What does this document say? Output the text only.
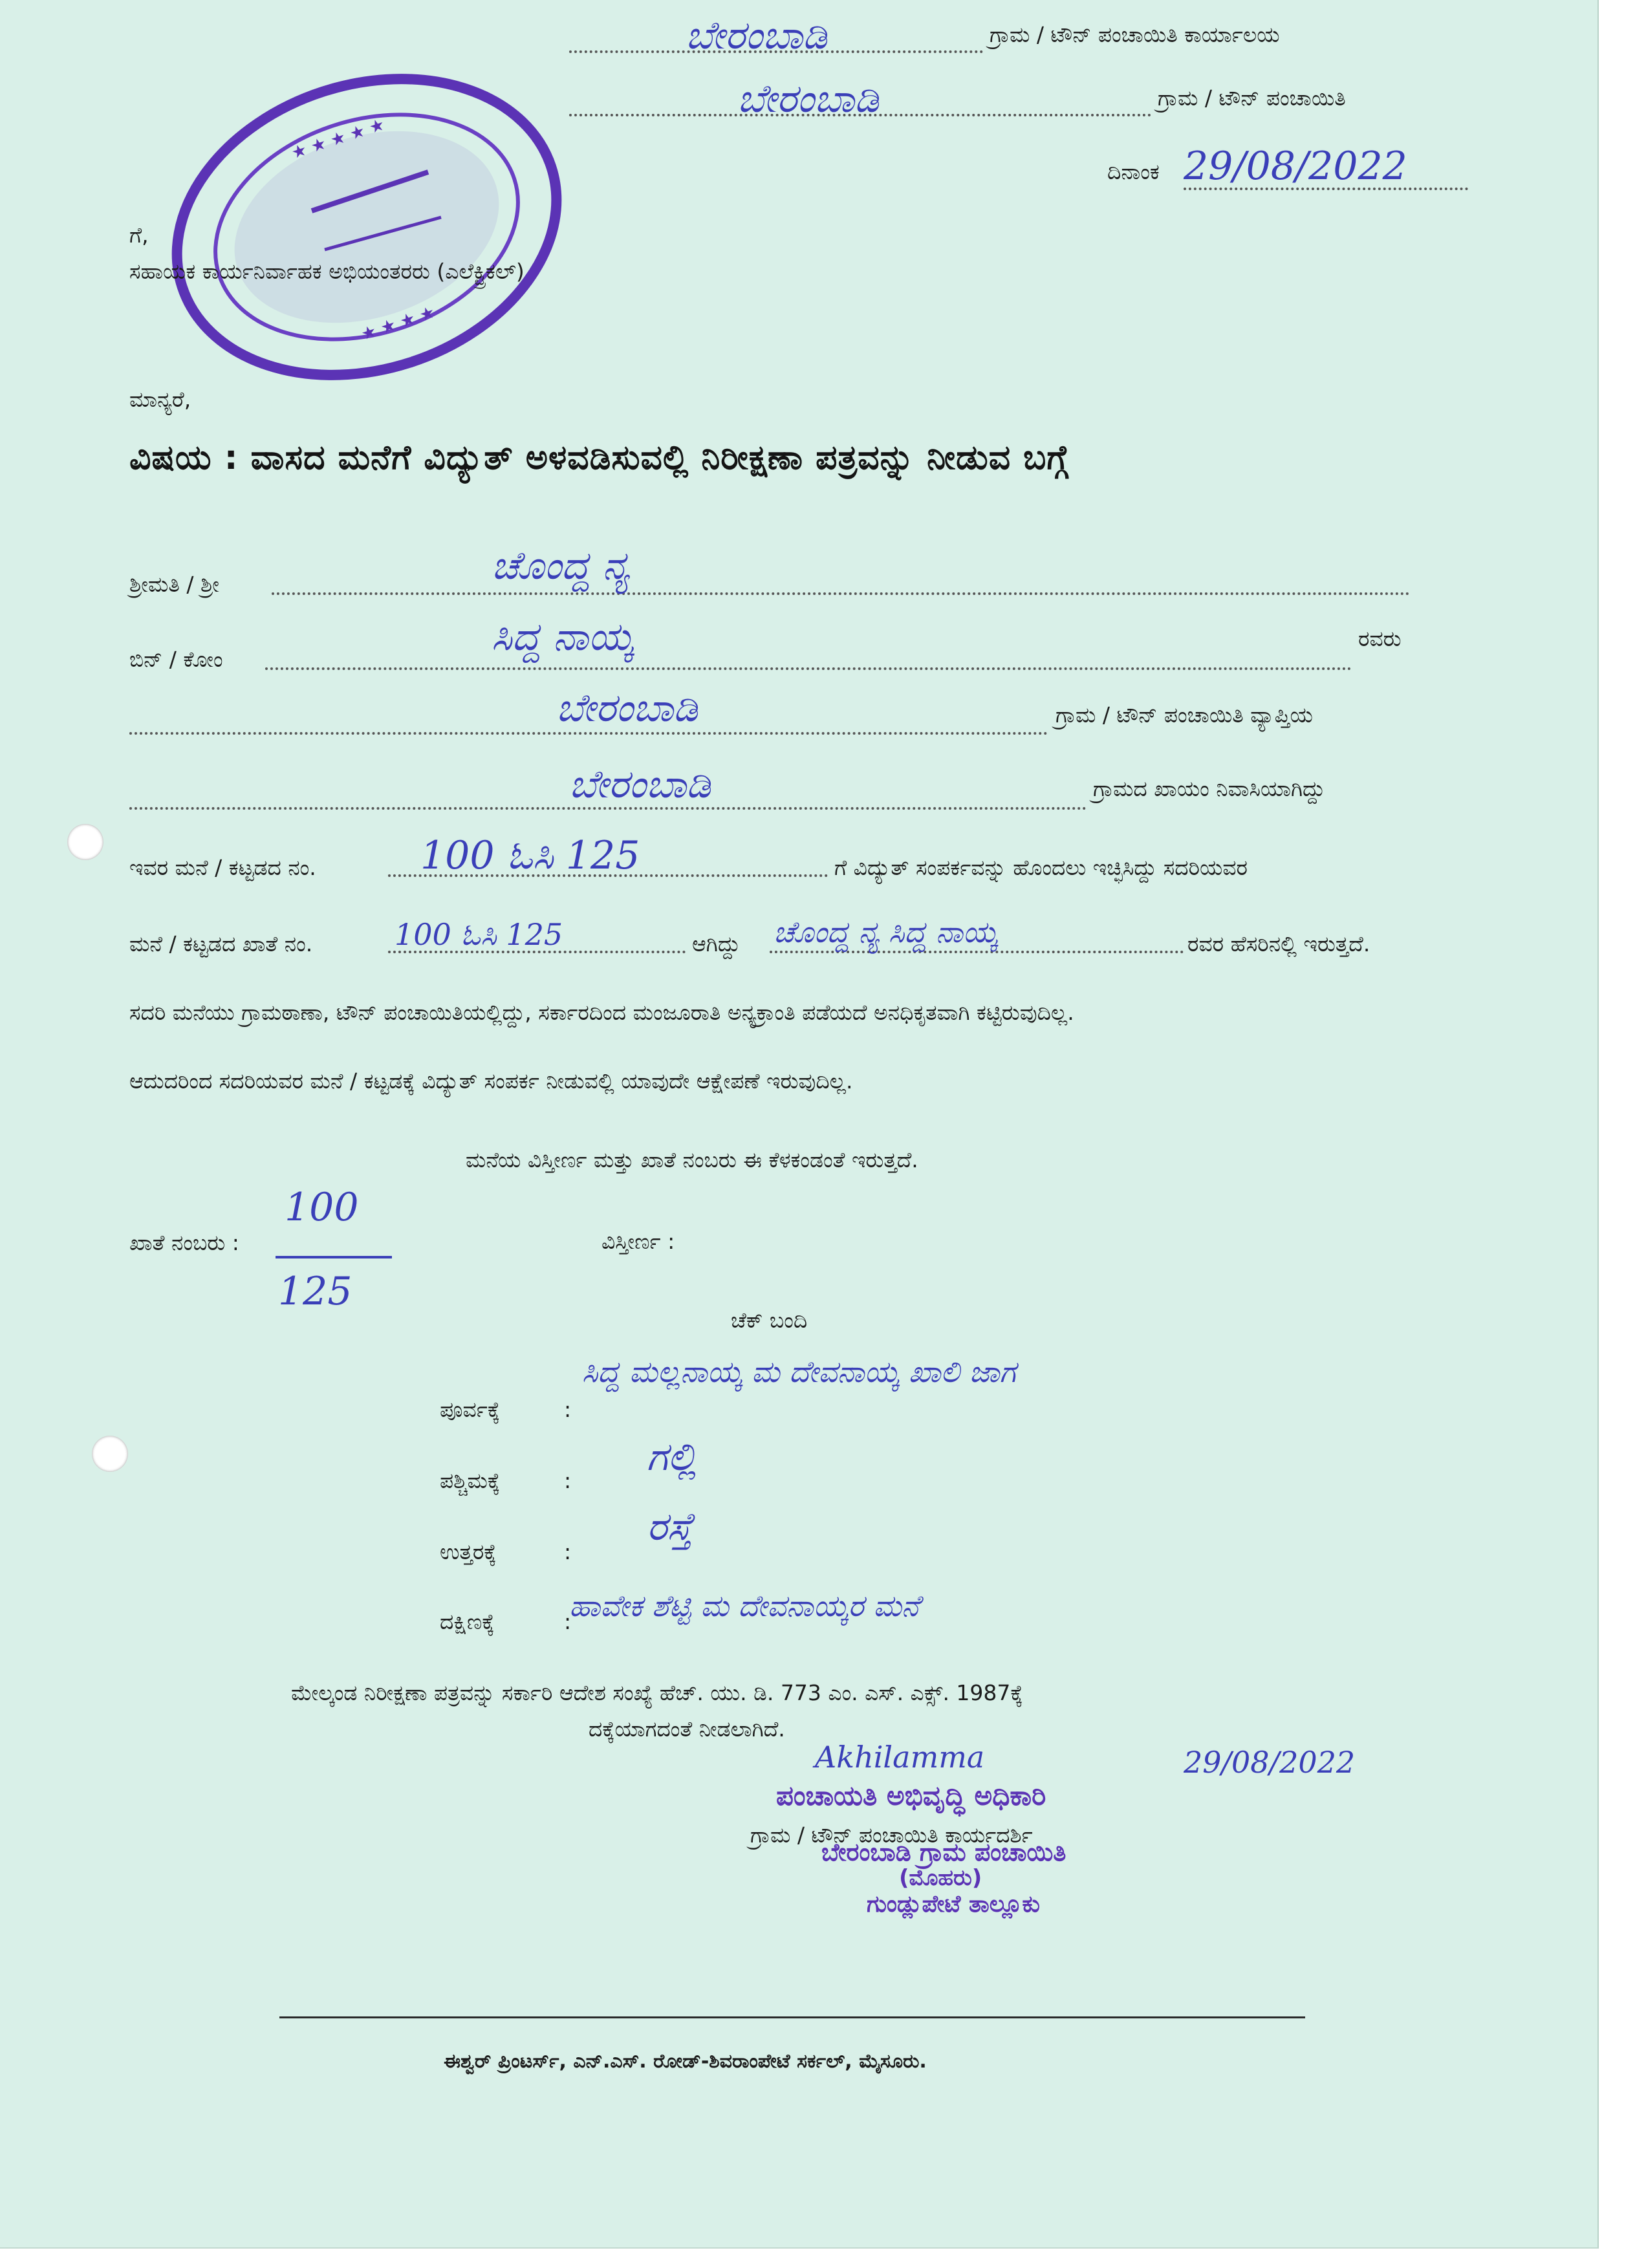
★ ★ ★ ★ ★
★ ★ ★ ★
ಬೇರಂಬಾಡಿ	ಗ್ರಾಮ / ಟೌನ್ ಪಂಚಾಯಿತಿ ಕಾರ್ಯಾಲಯ
ಬೇರಂಬಾಡಿ	ಗ್ರಾಮ / ಟೌನ್ ಪಂಚಾಯಿತಿ
ದಿನಾಂಕ 29/08/2022
ಗೆ,
ಸಹಾಯಕ ಕಾರ್ಯನಿರ್ವಾಹಕ ಅಭಿಯಂತರರು (ಎಲೆಕ್ಟ್ರಿಕಲ್)
ಮಾನ್ಯರೆ,
ವಿಷಯ : ವಾಸದ ಮನೆಗೆ ವಿದ್ಯುತ್ ಅಳವಡಿಸುವಲ್ಲಿ ನಿರೀಕ್ಷಣಾ ಪತ್ರವನ್ನು ನೀಡುವ ಬಗ್ಗೆ
ಶ್ರೀಮತಿ / ಶ್ರೀ	ಚೊಂದ್ದ ನ್ಯ
ಬಿನ್ / ಕೋಂ	ಸಿದ್ದ ನಾಯ್ಕ	ರವರು
ಬೇರಂಬಾಡಿ	ಗ್ರಾಮ / ಟೌನ್ ಪಂಚಾಯಿತಿ ವ್ಯಾಪ್ತಿಯ
ಬೇರಂಬಾಡಿ	ಗ್ರಾಮದ ಖಾಯಂ ನಿವಾಸಿಯಾಗಿದ್ದು
ಇವರ ಮನೆ / ಕಟ್ಟಡದ ನಂ.	100 ಓಸಿ 125	ಗೆ ವಿದ್ಯುತ್ ಸಂಪರ್ಕವನ್ನು ಹೊಂದಲು ಇಚ್ಛಿಸಿದ್ದು ಸದರಿಯವರ
ಮನೆ / ಕಟ್ಟಡದ ಖಾತೆ ನಂ.	100 ಓಸಿ 125	ಆಗಿದ್ದು ಚೊಂದ್ದ ನ್ಯ ಸಿದ್ದ ನಾಯ್ಕ	ರವರ ಹೆಸರಿನಲ್ಲಿ ಇರುತ್ತದೆ.
ಸದರಿ ಮನೆಯು ಗ್ರಾಮಠಾಣಾ, ಟೌನ್ ಪಂಚಾಯಿತಿಯಲ್ಲಿದ್ದು, ಸರ್ಕಾರದಿಂದ ಮಂಜೂರಾತಿ ಅನ್ಯಕ್ರಾಂತಿ ಪಡೆಯದೆ ಅನಧಿಕೃತವಾಗಿ ಕಟ್ಟಿರುವುದಿಲ್ಲ.
ಆದುದರಿಂದ ಸದರಿಯವರ ಮನೆ / ಕಟ್ಟಡಕ್ಕೆ ವಿದ್ಯುತ್ ಸಂಪರ್ಕ ನೀಡುವಲ್ಲಿ ಯಾವುದೇ ಆಕ್ಷೇಪಣೆ ಇರುವುದಿಲ್ಲ.
ಮನೆಯ ವಿಸ್ತೀರ್ಣ ಮತ್ತು ಖಾತೆ ನಂಬರು ಈ ಕೆಳಕಂಡಂತೆ ಇರುತ್ತದೆ.
ಖಾತೆ ನಂಬರು :
100
125
ವಿಸ್ತೀರ್ಣ :
ಚೆಕ್ ಬಂದಿ
ಪೂರ್ವಕ್ಕೆ	:
ಸಿದ್ದ ಮಲ್ಲನಾಯ್ಕ ಮ ದೇವನಾಯ್ಕ ಖಾಲಿ ಜಾಗ
ಪಶ್ಚಿಮಕ್ಕೆ	:
ಗಲ್ಲಿ
ಉತ್ತರಕ್ಕೆ	:
ರಸ್ತೆ
ದಕ್ಷಿಣಕ್ಕೆ	:
ಹಾವೇಕ ಶೆಟ್ಟಿ ಮ ದೇವನಾಯ್ಕರ ಮನೆ
ಮೇಲ್ಕಂಡ ನಿರೀಕ್ಷಣಾ ಪತ್ರವನ್ನು ಸರ್ಕಾರಿ ಆದೇಶ ಸಂಖ್ಯೆ ಹೆಚ್. ಯು. ಡಿ. 773 ಎಂ. ಎಸ್. ಎಕ್ಸ್. 1987ಕ್ಕೆ
ದಕ್ಕೆಯಾಗದಂತೆ ನೀಡಲಾಗಿದೆ.
Akhilamma	29/08/2022
ಪಂಚಾಯತಿ ಅಭಿವೃದ್ಧಿ ಅಧಿಕಾರಿ
ಗ್ರಾಮ / ಟೌನ್ ಪಂಚಾಯಿತಿ ಕಾರ್ಯದರ್ಶಿ
ಬೇರಂಬಾಡಿ ಗ್ರಾಮ ಪಂಚಾಯಿತಿ
(ಮೊಹರು)
ಗುಂಡ್ಲುಪೇಟೆ ತಾಲ್ಲೂಕು
ಈಶ್ವರ್ ಪ್ರಿಂಟರ್ಸ್, ಎನ್.ಎಸ್. ರೋಡ್-ಶಿವರಾಂಪೇಟೆ ಸರ್ಕಲ್, ಮೈಸೂರು.
